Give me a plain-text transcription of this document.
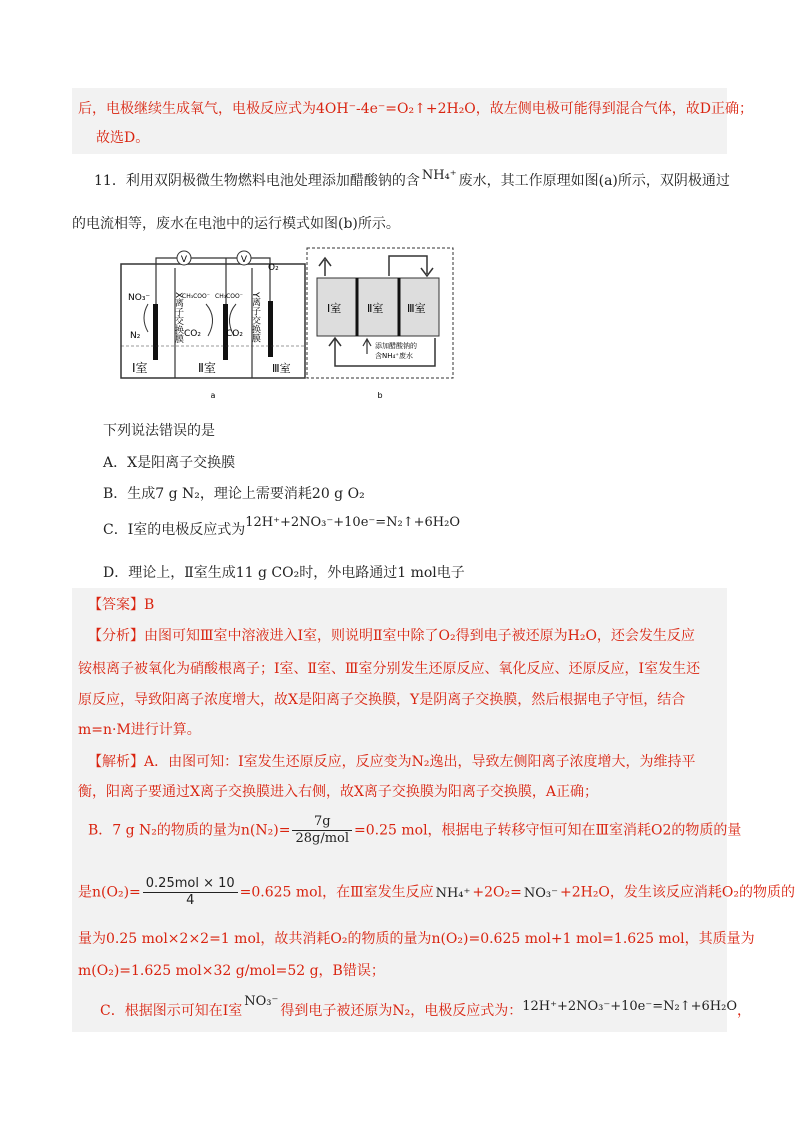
后，电极继续生成氧气，电极反应式为4OH⁻-4e⁻=O₂↑+2H₂O，故左侧电极可能得到混合气体，故D正确；
故选D。
11．利用双阴极微生物燃料电池处理添加醋酸钠的含 NH₄⁺ 废水，其工作原理如图(a)所示，双阴极通过
的电流相等，废水在电池中的运行模式如图(b)所示。
V	V
O₂
NO₃⁻
N₂
CH₃COO⁻ CH₃COO⁻
CO₂	CO₂
X离子交换膜	Y离子交换膜
Ⅰ室	Ⅱ室	Ⅲ室
a
Ⅰ室 Ⅱ室 Ⅲ室
添加醋酸钠的
含NH₄⁺废水
b
下列说法错误的是
A．X是阳离子交换膜
B．生成7 g N₂，理论上需要消耗20 g O₂
C．Ⅰ室的电极反应式为12H⁺+2NO₃⁻+10e⁻=N₂↑+6H₂O
D．理论上，Ⅱ室生成11 g CO₂时，外电路通过1 mol电子
【答案】B
【分析】由图可知Ⅲ室中溶液进入Ⅰ室，则说明Ⅱ室中除了O₂得到电子被还原为H₂O，还会发生反应
铵根离子被氧化为硝酸根离子；Ⅰ室、Ⅱ室、Ⅲ室分别发生还原反应、氧化反应、还原反应，Ⅰ室发生还
原反应，导致阳离子浓度增大，故X是阳离子交换膜，Y是阴离子交换膜，然后根据电子守恒，结合
m=n·M进行计算。
【解析】A．由图可知：Ⅰ室发生还原反应，反应变为N₂逸出，导致左侧阳离子浓度增大，为维持平
衡，阳离子要通过X离子交换膜进入右侧，故X离子交换膜为阳离子交换膜，A正确；
B．7 g N₂的物质的量为$n(N_2)= \frac{7g}{\text{28g/mol}} =0.25$ mol，根据电子转移守恒可知在Ⅲ室消耗O2的物质的量
是$n(O_2)= \frac{\text{0.25mol × 10}}{4} =0.625$ mol，在Ⅲ室发生反应 NH₄⁺ +2O₂= NO₃⁻ +2H₂O，发生该反应消耗O₂的物质的
量为0.25 mol×2×2=1 mol，故共消耗O₂的物质的量为n(O₂)=0.625 mol+1 mol=1.625 mol，其质量为
m(O₂)=1.625 mol×32 g/mol=52 g，B错误；
C．根据图示可知在Ⅰ室NO₃⁻得到电子被还原为N₂，电极反应式为：12H⁺+2NO₃⁻+10e⁻=N₂↑+6H₂O，
